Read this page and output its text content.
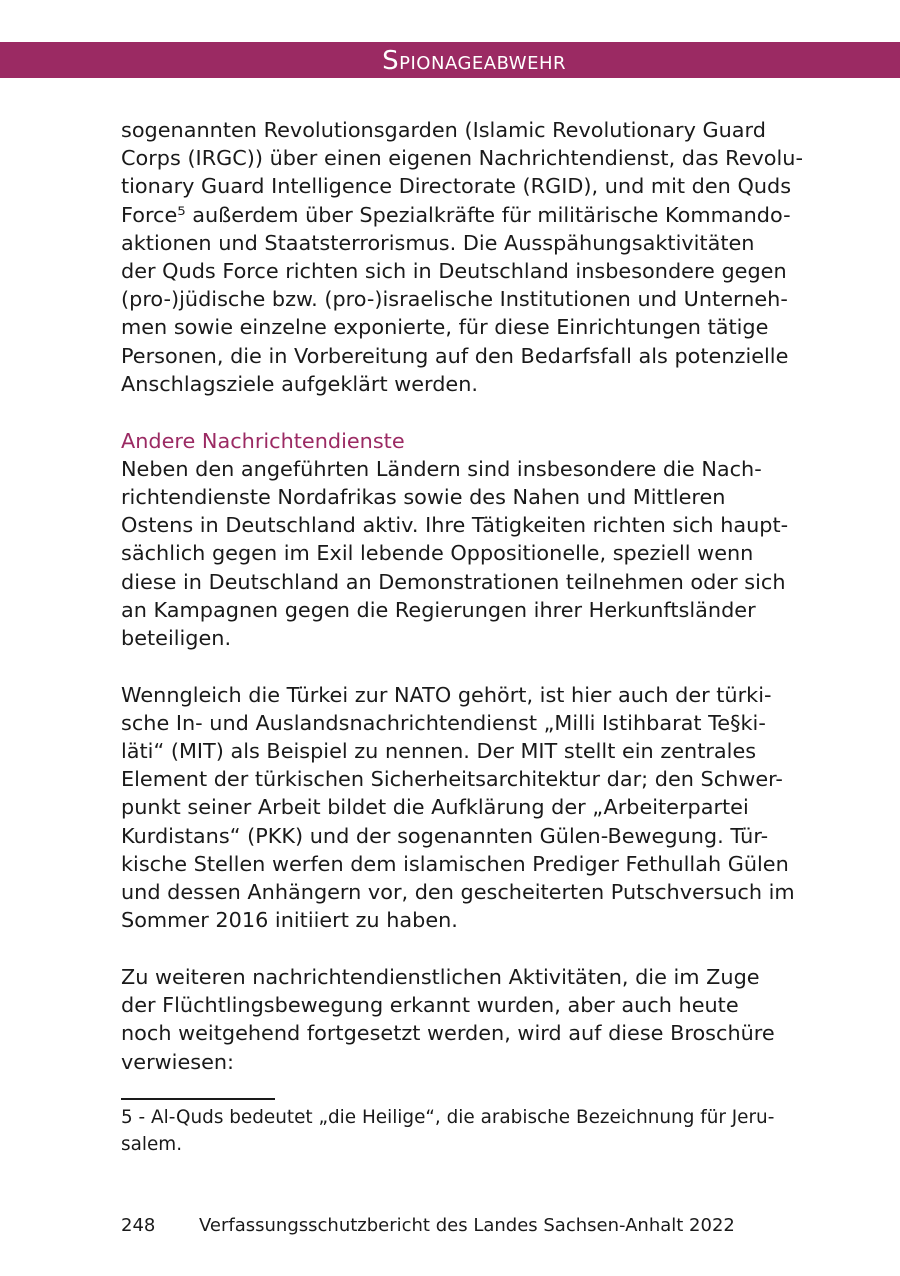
Spionageabwehr
sogenannten Revolutionsgarden (Islamic Revolutionary Guard
Corps (IRGC)) über einen eigenen Nachrichtendienst, das Revolu-
tionary Guard Intelligence Directorate (RGID), und mit den Quds
Force⁵ außerdem über Spezialkräfte für militärische Kommando-
aktionen und Staatsterrorismus. Die Ausspähungsaktivitäten
der Quds Force richten sich in Deutschland insbesondere gegen
(pro-)jüdische bzw. (pro-)israelische Institutionen und Unterneh-
men sowie einzelne exponierte, für diese Einrichtungen tätige
Personen, die in Vorbereitung auf den Bedarfsfall als potenzielle
Anschlagsziele aufgeklärt werden.
Andere Nachrichtendienste
Neben den angeführten Ländern sind insbesondere die Nach-
richtendienste Nordafrikas sowie des Nahen und Mittleren
Ostens in Deutschland aktiv. Ihre Tätigkeiten richten sich haupt-
sächlich gegen im Exil lebende Oppositionelle, speziell wenn
diese in Deutschland an Demonstrationen teilnehmen oder sich
an Kampagnen gegen die Regierungen ihrer Herkunftsländer
beteiligen.
Wenngleich die Türkei zur NATO gehört, ist hier auch der türki-
sche In- und Auslandsnachrichtendienst „Milli Istihbarat Te§ki-
läti“ (MIT) als Beispiel zu nennen. Der MIT stellt ein zentrales
Element der türkischen Sicherheitsarchitektur dar; den Schwer-
punkt seiner Arbeit bildet die Aufklärung der „Arbeiterpartei
Kurdistans“ (PKK) und der sogenannten Gülen-Bewegung. Tür-
kische Stellen werfen dem islamischen Prediger Fethullah Gülen
und dessen Anhängern vor, den gescheiterten Putschversuch im
Sommer 2016 initiiert zu haben.
Zu weiteren nachrichtendienstlichen Aktivitäten, die im Zuge
der Flüchtlingsbewegung erkannt wurden, aber auch heute
noch weitgehend fortgesetzt werden, wird auf diese Broschüre
verwiesen:
5 - Al-Quds bedeutet „die Heilige“, die arabische Bezeichnung für Jeru-
salem.
248 Verfassungsschutzbericht des Landes Sachsen-Anhalt 2022
